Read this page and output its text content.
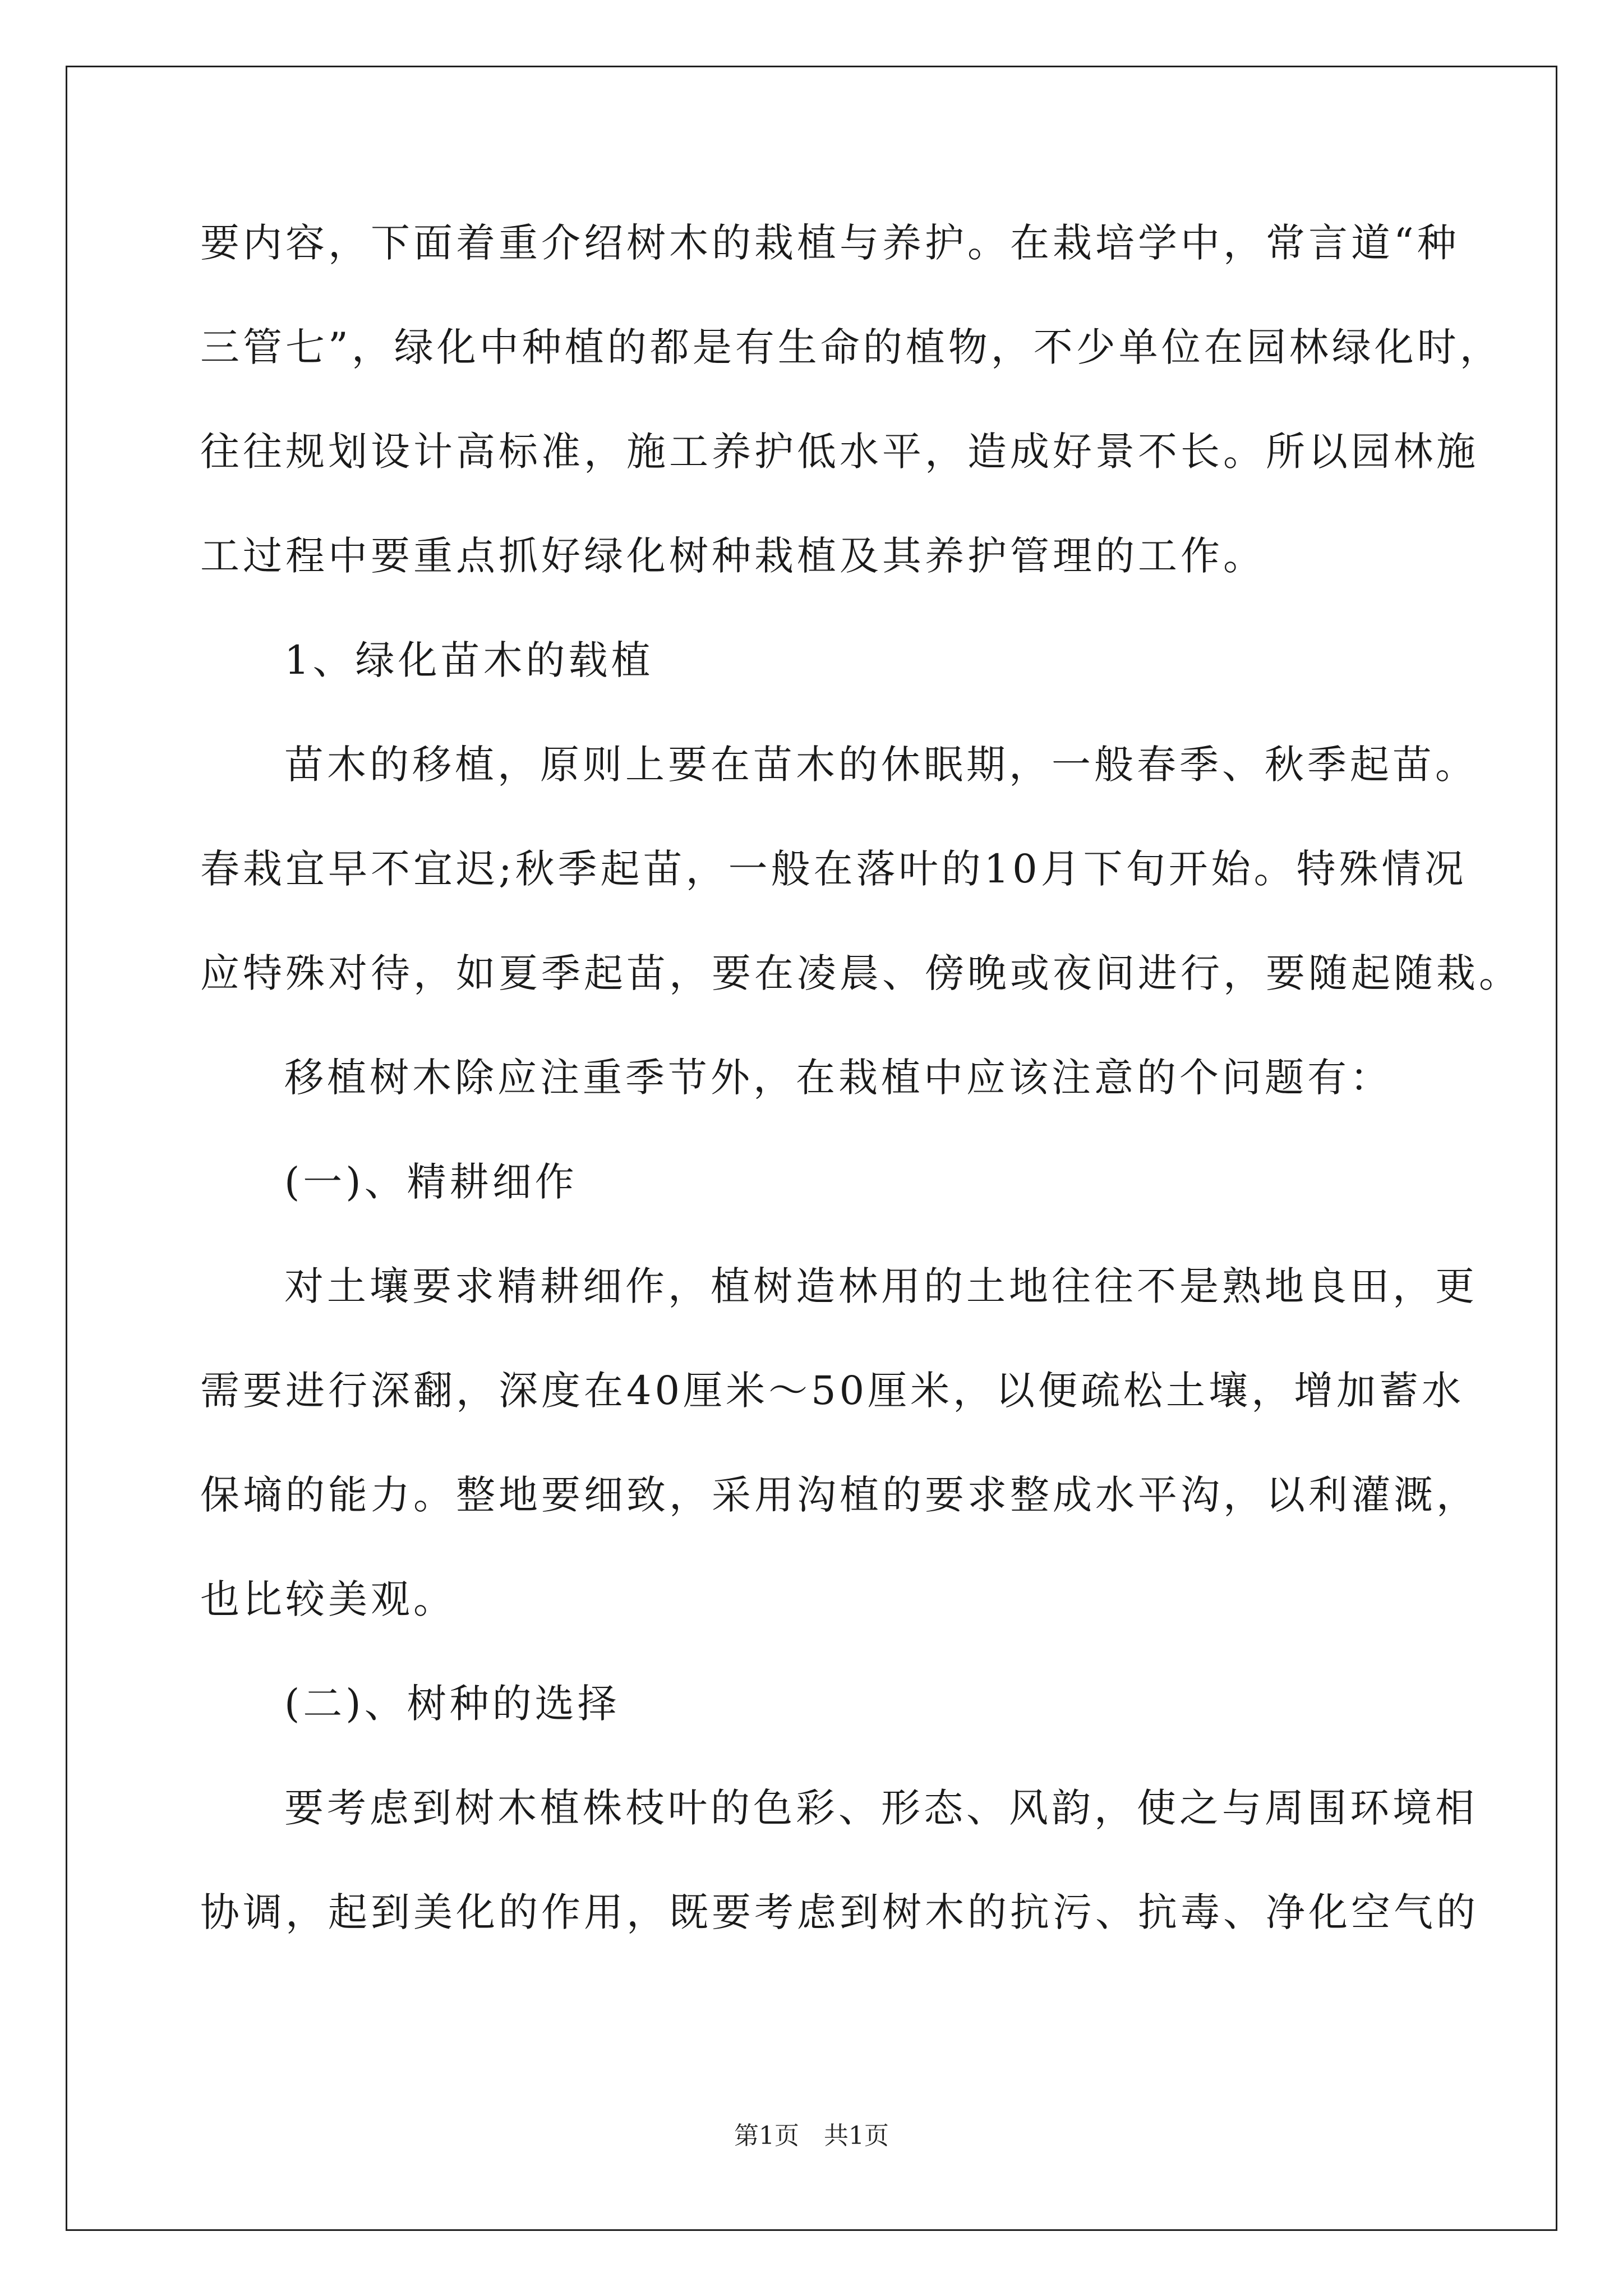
要内容，下面着重介绍树木的栽植与养护。在栽培学中，常言道“种
三管七”，绿化中种植的都是有生命的植物，不少单位在园林绿化时，
往往规划设计高标准，施工养护低水平，造成好景不长。所以园林施
工过程中要重点抓好绿化树种栽植及其养护管理的工作。
1、绿化苗木的载植
苗木的移植，原则上要在苗木的休眠期，一般春季、秋季起苗。
春栽宜早不宜迟;秋季起苗，一般在落叶的10月下旬开始。特殊情况
应特殊对待，如夏季起苗，要在凌晨、傍晚或夜间进行，要随起随栽。
移植树木除应注重季节外，在栽植中应该注意的个问题有：
(一)、精耕细作
对土壤要求精耕细作，植树造林用的土地往往不是熟地良田，更
需要进行深翻，深度在40厘米～50厘米，以便疏松土壤，增加蓄水
保墒的能力。整地要细致，采用沟植的要求整成水平沟，以利灌溉，
也比较美观。
(二)、树种的选择
要考虑到树木植株枝叶的色彩、形态、风韵，使之与周围环境相
协调，起到美化的作用，既要考虑到树木的抗污、抗毒、净化空气的
第1页　共1页
